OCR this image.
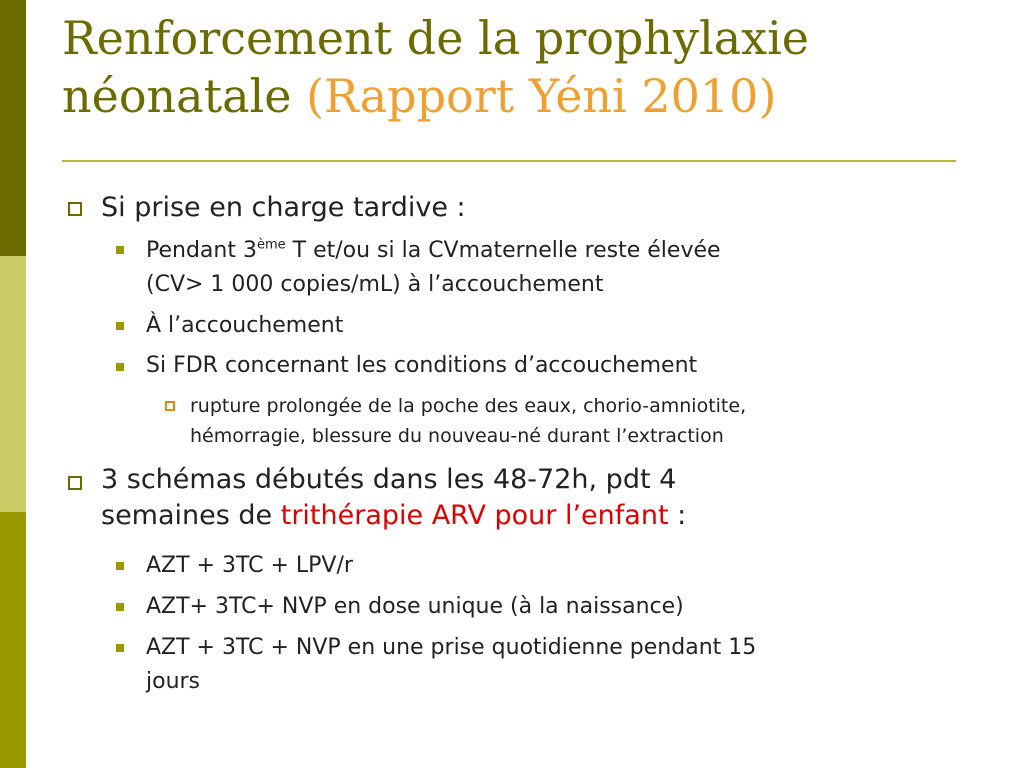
Renforcement de la prophylaxie
néonatale (Rapport Yéni 2010)
Si prise en charge tardive :
Pendant 3ème T et/ou si la CVmaternelle reste élevée
(CV> 1 000 copies/mL) à l’accouchement
À l’accouchement
Si FDR concernant les conditions d’accouchement
rupture prolongée de la poche des eaux, chorio-amniotite,
hémorragie, blessure du nouveau-né durant l’extraction
3 schémas débutés dans les 48-72h, pdt 4
semaines de trithérapie ARV pour l’enfant :
AZT + 3TC + LPV/r
AZT+ 3TC+ NVP en dose unique (à la naissance)
AZT + 3TC + NVP en une prise quotidienne pendant 15
jours
